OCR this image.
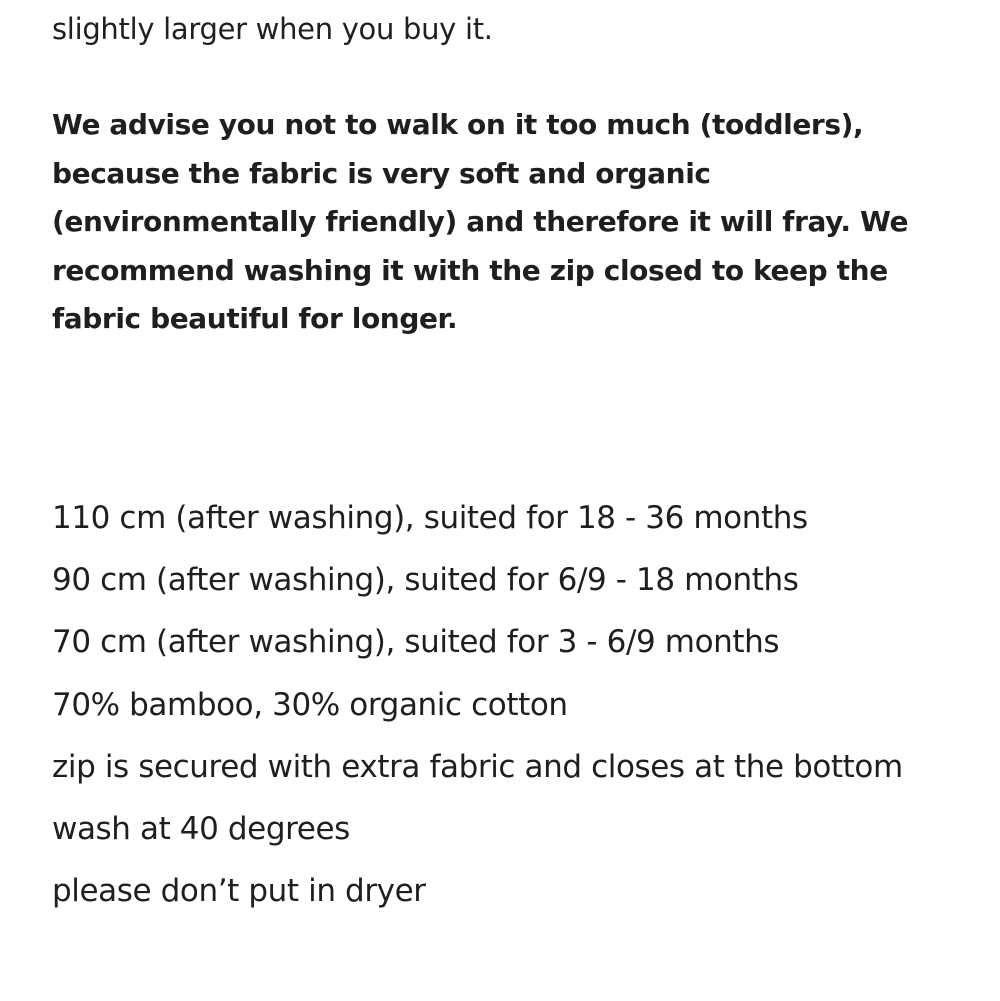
slightly larger when you buy it.

We advise you not to walk on it too much (toddlers),
because the fabric is very soft and organic
(environmentally friendly) and therefore it will fray. We
recommend washing it with the zip closed to keep the
fabric beautiful for longer.

110 cm (after washing), suited for 18 - 36 months
90 cm (after washing), suited for 6/9 - 18 months
70 cm (after washing), suited for 3 - 6/9 months
70% bamboo, 30% organic cotton
zip is secured with extra fabric and closes at the bottom
wash at 40 degrees
please don’t put in dryer
